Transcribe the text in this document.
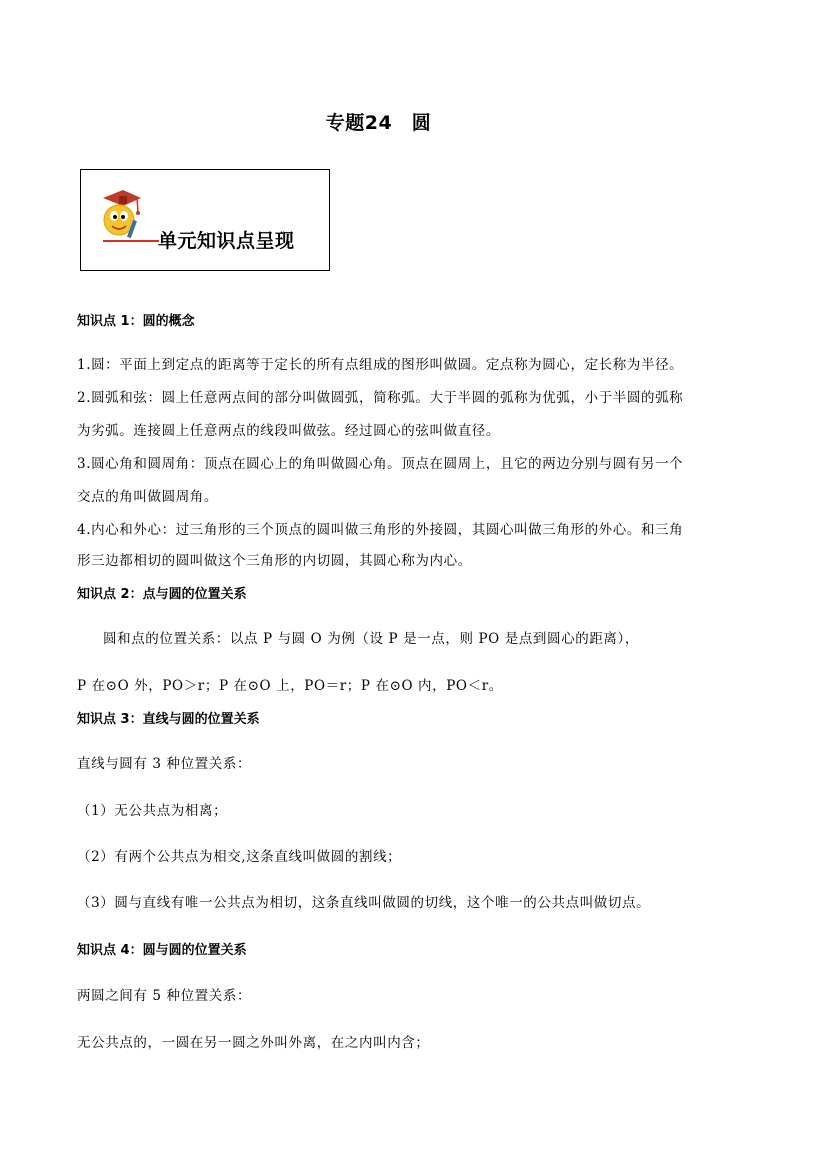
专题24　圆
单元知识点呈现
知识点 1：圆的概念
1.圆：平面上到定点的距离等于定长的所有点组成的图形叫做圆。定点称为圆心，定长称为半径。
2.圆弧和弦：圆上任意两点间的部分叫做圆弧，简称弧。大于半圆的弧称为优弧，小于半圆的弧称
为劣弧。连接圆上任意两点的线段叫做弦。经过圆心的弦叫做直径。
3.圆心角和圆周角：顶点在圆心上的角叫做圆心角。顶点在圆周上，且它的两边分别与圆有另一个
交点的角叫做圆周角。
4.内心和外心：过三角形的三个顶点的圆叫做三角形的外接圆，其圆心叫做三角形的外心。和三角
形三边都相切的圆叫做这个三角形的内切圆，其圆心称为内心。
知识点 2：点与圆的位置关系
圆和点的位置关系：以点 P 与圆 O 为例（设 P 是一点，则 PO 是点到圆心的距离），
P 在⊙O 外，PO＞r；P 在⊙O 上，PO＝r；P 在⊙O 内，PO＜r。
知识点 3：直线与圆的位置关系
直线与圆有 3 种位置关系：
（1）无公共点为相离；
（2）有两个公共点为相交,这条直线叫做圆的割线；
（3）圆与直线有唯一公共点为相切，这条直线叫做圆的切线，这个唯一的公共点叫做切点。
知识点 4：圆与圆的位置关系
两圆之间有 5 种位置关系：
无公共点的，一圆在另一圆之外叫外离，在之内叫内含；
